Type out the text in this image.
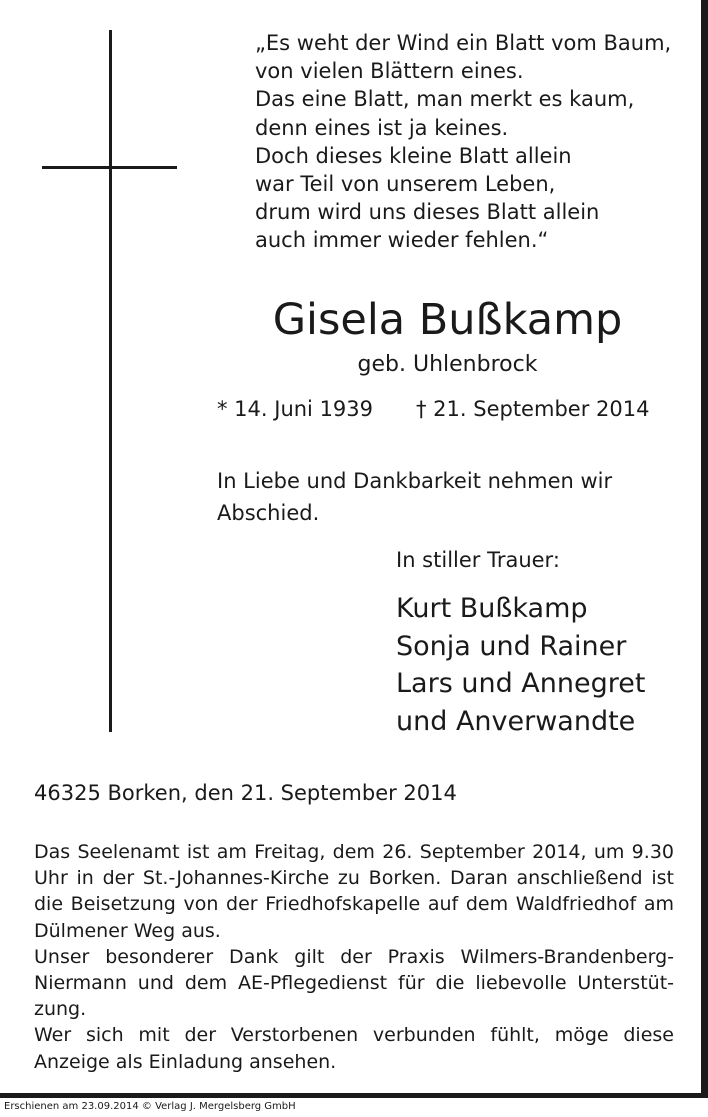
„Es weht der Wind ein Blatt vom Baum,
von vielen Blättern eines.
Das eine Blatt, man merkt es kaum,
denn eines ist ja keines.
Doch dieses kleine Blatt allein
war Teil von unserem Leben,
drum wird uns dieses Blatt allein
auch immer wieder fehlen.“
Gisela Bußkamp
geb. Uhlenbrock
* 14. Juni 1939 † 21. September 2014
In Liebe und Dankbarkeit nehmen wir Abschied.
In stiller Trauer:
Kurt Bußkamp
Sonja und Rainer
Lars und Annegret
und Anverwandte
46325 Borken, den 21. September 2014

Das Seelenamt ist am Freitag, dem 26. September 2014, um 9.30 Uhr in der St.-Johannes-Kirche zu Borken. Daran anschließend ist die Beisetzung von der Friedhofskapelle auf dem Waldfriedhof am Dülmener Weg aus.

Unser besonderer Dank gilt der Praxis Wilmers-Brandenberg-Niermann und dem AE-Pflegedienst für die liebevolle Unterstützung.

Wer sich mit der Verstorbenen verbunden fühlt, möge diese Anzeige als Einladung ansehen.

Erschienen am 23.09.2014 © Verlag J. Mergelsberg GmbH
